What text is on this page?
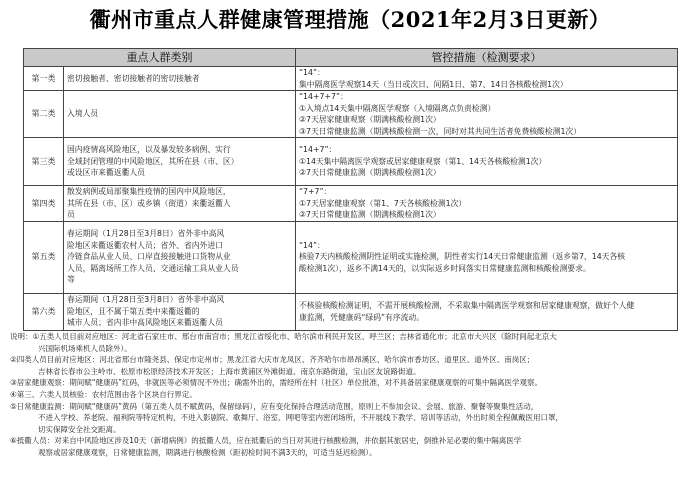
衢州市重点人群健康管理措施（2021年2月3日更新）
重点人群类别		管控措施（检测要求）
第一类	密切接触者、密切接触者的密切接触者	“14”：
集中隔离医学观察14天（当日或次日、间隔1日、第7、14日各核酸检测1次）

第二类	入境人员	“14+7+7”：
①入境点14天集中隔离医学观察（入境隔离点负责检测）
②7天居家健康观察（期满核酸检测1次）
③7天日常健康监测（期满核酸检测一次，同时对其共同生活者免费核酸检测1次）

第三类	国内疫情高风险地区，以及暴发较多病例、实行
全域封闭管理的中风险地区，其所在县（市、区）
或设区市来衢返衢人员	“14+7”：
①14天集中隔离医学观察或居家健康观察（第1、14天各核酸检测1次）
②7天日常健康监测（期满核酸检测1次）

第四类	散发病例或局部聚集性疫情的国内中风险地区，
其所在县（市、区）或乡镇（街道）来衢返衢人
员	“7+7”：
①7天居家健康观察（第1、7天各核酸检测1次）
②7天日常健康监测（期满核酸检测1次）

第五类	春运期间（1月28日至3月8日）省外非中高风
险地区来衢返衢农村人员；省外、省内外进口
冷链食品从业人员、口岸直接接触进口货物从业
人员，隔离场所工作人员、交通运输工具从业人员
等	“14”：
核验7天内核酸检测阴性证明或实施检测，阴性者实行14天日常健康监测（返乡第7、14天各核
酸检测1次），返乡不满14天的，以实际返乡时间落实日常健康监测和核酸检测要求。

第六类	春运期间（1月28日至3月8日）省外非中高风
险地区，且不属于第五类中来衢返衢的
城市人员；省内非中高风险地区来衢返衢人员	不核验核酸检测证明，不需开展核酸检测，不采取集中隔离医学观察和居家健康观察，做好个人健
康监测，凭健康码“绿码”有序流动。
说明：①五类人员目前对应地区：河北省石家庄市、邢台市南宫市；黑龙江省绥化市、哈尔滨市利民开发区、呼兰区；吉林省通化市；北京市大兴区（除时间起北京大
兴国际机场乘机人员除外）。
②四类人员目前对应地区：河北省邢台市隆尧县、保定市定州市；黑龙江省大庆市龙凤区、齐齐哈尔市昂昂溪区、哈尔滨市香坊区、道里区、道外区、南岗区；
吉林省长春市公主岭市、松原市松原经济技术开发区；上海市黄浦区外滩街道、南京东路街道，宝山区友谊路街道。
③居家健康观察：期间赋“健康码”红码，非就医等必须情况不外出；确需外出的，需经所在村（社区）单位批准，对不具备居家健康观察的可集中隔离医学观察。
④第三、六类人员核验：农村范围由各个区块自行界定。
⑤日常健康监测：期间赋“健康码”黄码（第五类人员不赋黄码，保留绿码），应有变化保持合理活动范围，原则上不参加会议、会展、旅游、聚餐等聚集性活动，
不进入学校、养老院、福利院等特定机构，不进入影剧院、歌舞厅、浴室、网吧等室内密闭场所，不开展线下教学、培训等活动，外出时须全程佩戴医用口罩，
切实保障安全社交距离。
⑥抵衢人员：对来自中风险地区涉及10天（新增病例）的抵衢人员，应在抵衢后的当日对其进行核酸检测，并依据其旅居史，倒推补足必要的集中隔离医学
观察或居家健康观察，日常健康监测，期满进行核酸检测（距初检时间不满3天的，可适当延迟检测）。
